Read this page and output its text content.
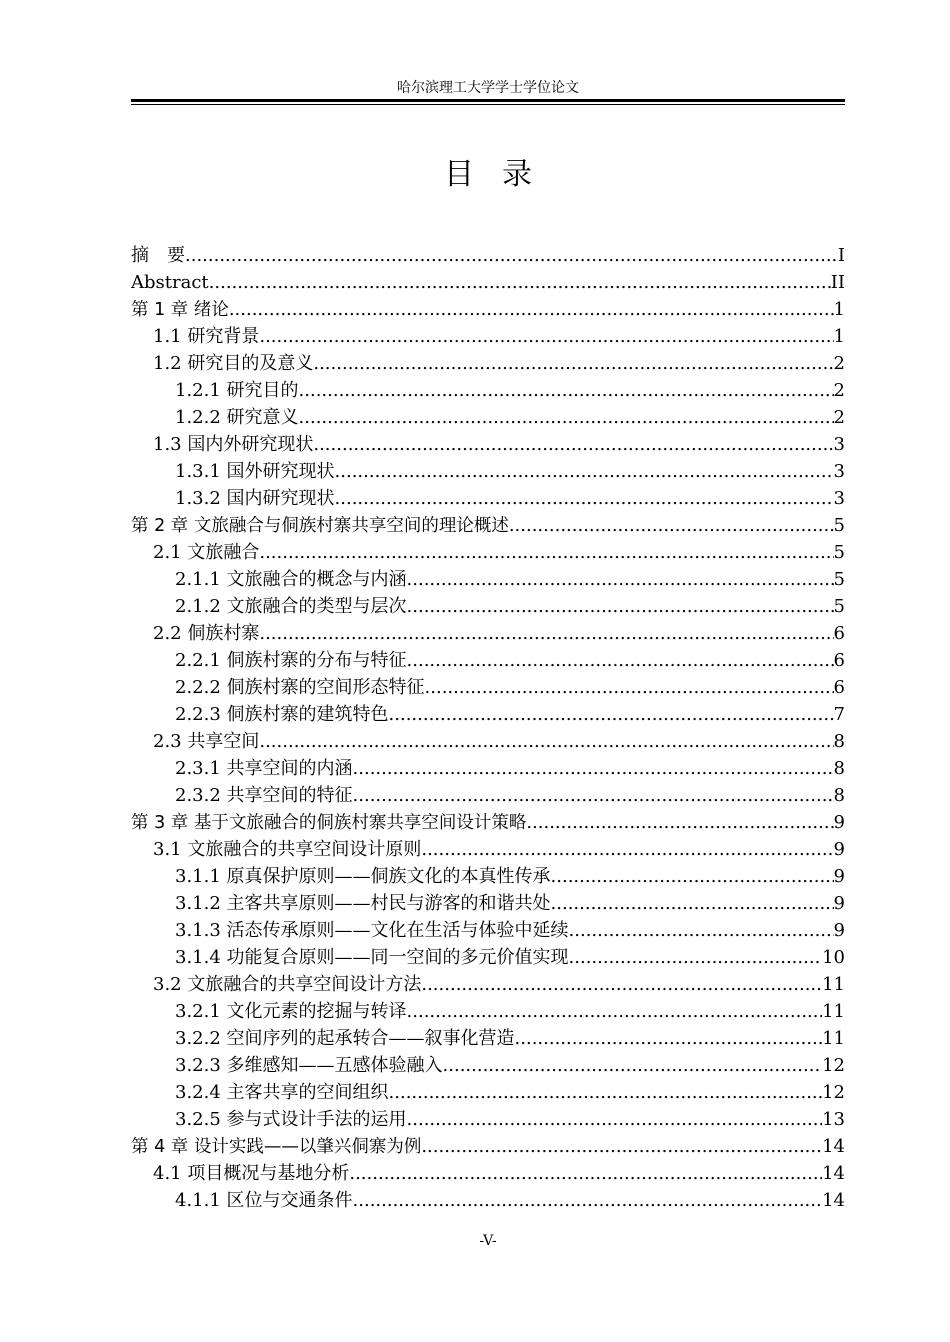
哈尔滨理工大学学士学位论文
目录
摘　要 .....	I
Abstract .....	II
第 1 章 绪论 .....	1
1.1 研究背景 .....	1
1.2 研究目的及意义 .....	2
1.2.1 研究目的 .....	2
1.2.2 研究意义 .....	2
1.3 国内外研究现状 .....	3
1.3.1 国外研究现状 .....	3
1.3.2 国内研究现状 .....	3
第 2 章 文旅融合与侗族村寨共享空间的理论概述 .....	5
2.1 文旅融合 .....	5
2.1.1 文旅融合的概念与内涵 .....	5
2.1.2 文旅融合的类型与层次 .....	5
2.2 侗族村寨 .....	6
2.2.1 侗族村寨的分布与特征 .....	6
2.2.2 侗族村寨的空间形态特征 .....	6
2.2.3 侗族村寨的建筑特色 .....	7
2.3 共享空间 .....	8
2.3.1 共享空间的内涵 .....	8
2.3.2 共享空间的特征 .....	8
第 3 章 基于文旅融合的侗族村寨共享空间设计策略 .....	9
3.1 文旅融合的共享空间设计原则 .....	9
3.1.1 原真保护原则——侗族文化的本真性传承 .....	9
3.1.2 主客共享原则——村民与游客的和谐共处 .....	9
3.1.3 活态传承原则——文化在生活与体验中延续 .....	9
3.1.4 功能复合原则——同一空间的多元价值实现 .....	10
3.2 文旅融合的共享空间设计方法 .....	11
3.2.1 文化元素的挖掘与转译 .....	11
3.2.2 空间序列的起承转合——叙事化营造 .....	11
3.2.3 多维感知——五感体验融入 .....	12
3.2.4 主客共享的空间组织 .....	12
3.2.5 参与式设计手法的运用 .....	13
第 4 章 设计实践——以肇兴侗寨为例 .....	14
4.1 项目概况与基地分析 .....	14
4.1.1 区位与交通条件 .....	14
-V-
